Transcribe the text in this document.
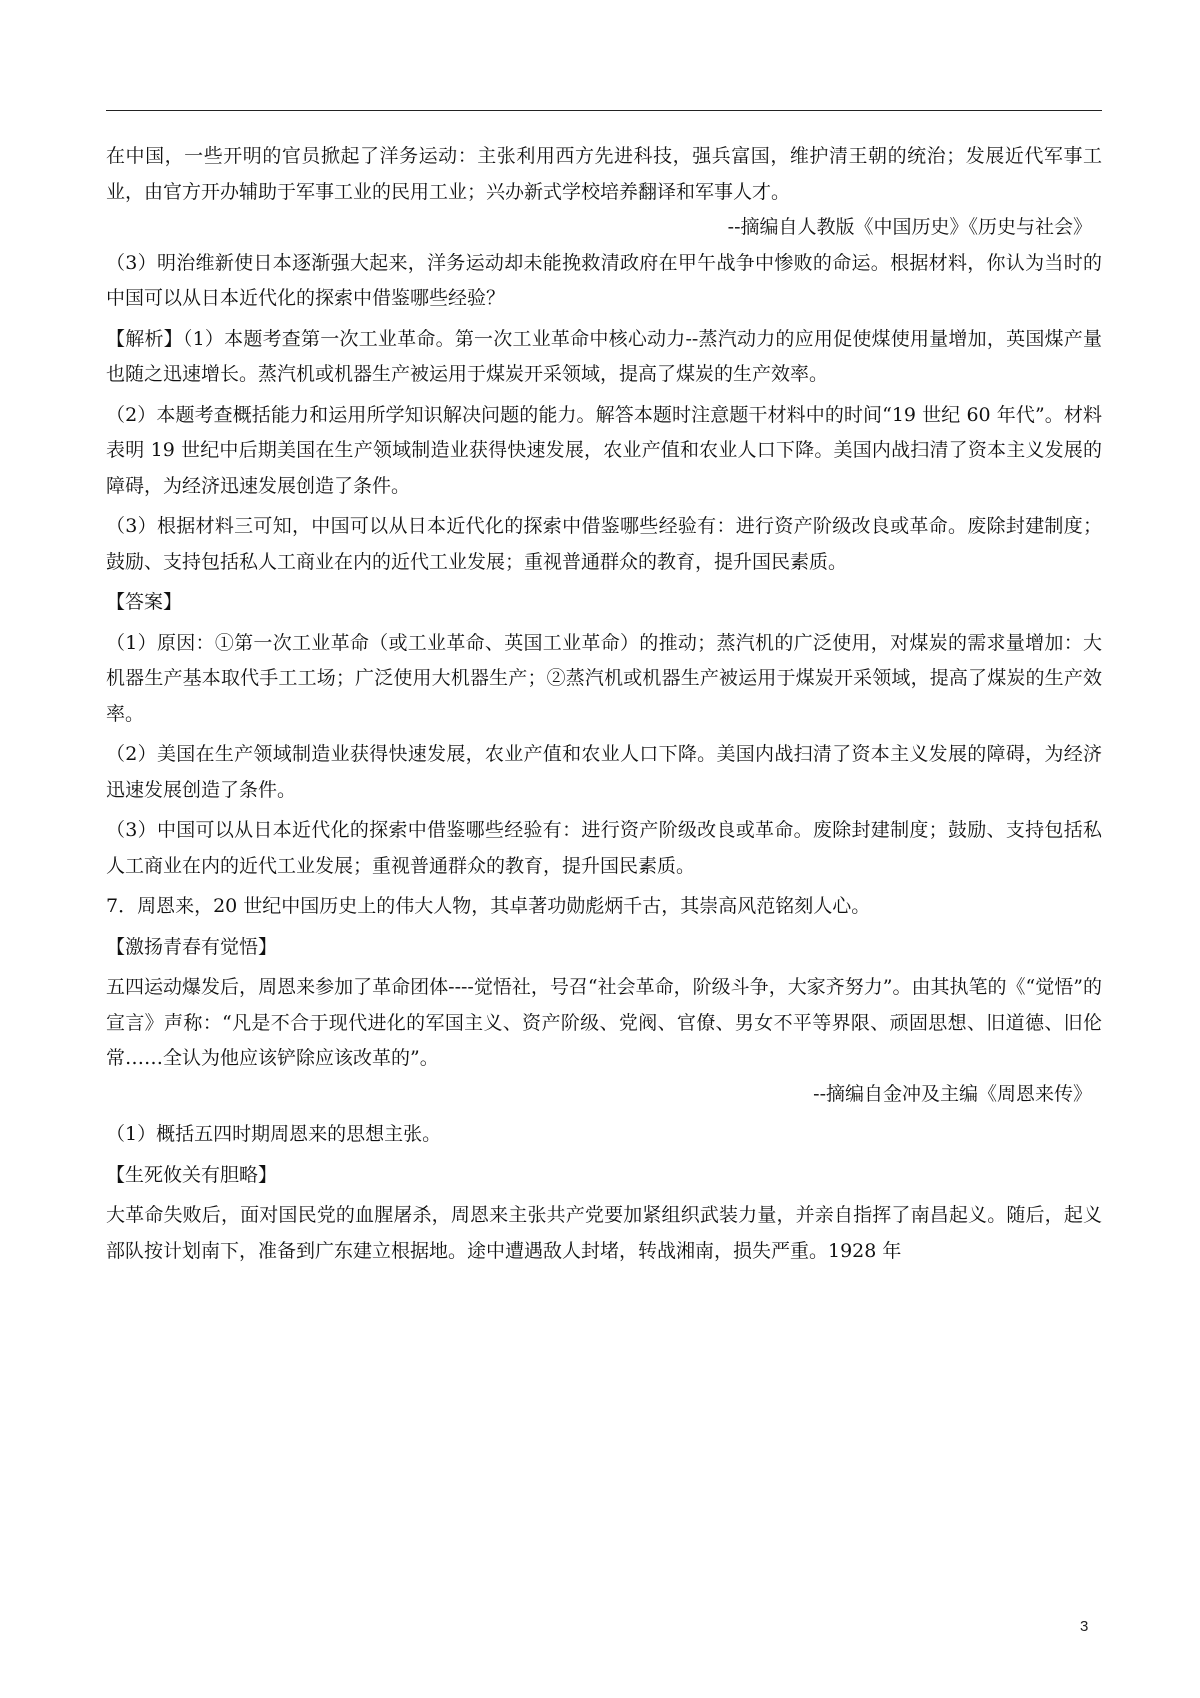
在中国，一些开明的官员掀起了洋务运动：主张利用西方先进科技，强兵富国，维护清王朝的统治；发展近代军事工业，由官方开办辅助于军事工业的民用工业；兴办新式学校培养翻译和军事人才。

--摘编自人教版《中国历史》《历史与社会》

（3）明治维新使日本逐渐强大起来，洋务运动却未能挽救清政府在甲午战争中惨败的命运。根据材料，你认为当时的中国可以从日本近代化的探索中借鉴哪些经验？

【解析】（1）本题考查第一次工业革命。第一次工业革命中核心动力--蒸汽动力的应用促使煤使用量增加，英国煤产量也随之迅速增长。蒸汽机或机器生产被运用于煤炭开采领域，提高了煤炭的生产效率。

（2）本题考查概括能力和运用所学知识解决问题的能力。解答本题时注意题干材料中的时间“19 世纪 60 年代”。材料表明 19 世纪中后期美国在生产领域制造业获得快速发展，农业产值和农业人口下降。美国内战扫清了资本主义发展的障碍，为经济迅速发展创造了条件。

（3）根据材料三可知，中国可以从日本近代化的探索中借鉴哪些经验有：进行资产阶级改良或革命。废除封建制度；鼓励、支持包括私人工商业在内的近代工业发展；重视普通群众的教育，提升国民素质。

【答案】

（1）原因：①第一次工业革命（或工业革命、英国工业革命）的推动；蒸汽机的广泛使用，对煤炭的需求量增加：大机器生产基本取代手工工场；广泛使用大机器生产；②蒸汽机或机器生产被运用于煤炭开采领域，提高了煤炭的生产效率。

（2）美国在生产领域制造业获得快速发展，农业产值和农业人口下降。美国内战扫清了资本主义发展的障碍，为经济迅速发展创造了条件。

（3）中国可以从日本近代化的探索中借鉴哪些经验有：进行资产阶级改良或革命。废除封建制度；鼓励、支持包括私人工商业在内的近代工业发展；重视普通群众的教育，提升国民素质。

7．周恩来，20 世纪中国历史上的伟大人物，其卓著功勋彪炳千古，其崇高风范铭刻人心。

【激扬青春有觉悟】

五四运动爆发后，周恩来参加了革命团体----觉悟社，号召“社会革命，阶级斗争，大家齐努力”。由其执笔的《“觉悟”的宣言》声称：“凡是不合于现代进化的军国主义、资产阶级、党阀、官僚、男女不平等界限、顽固思想、旧道德、旧伦常……全认为他应该铲除应该改革的”。

--摘编自金冲及主编《周恩来传》

（1）概括五四时期周恩来的思想主张。

【生死攸关有胆略】

大革命失败后，面对国民党的血腥屠杀，周恩来主张共产党要加紧组织武装力量，并亲自指挥了南昌起义。随后，起义部队按计划南下，准备到广东建立根据地。途中遭遇敌人封堵，转战湘南，损失严重。1928 年

3
